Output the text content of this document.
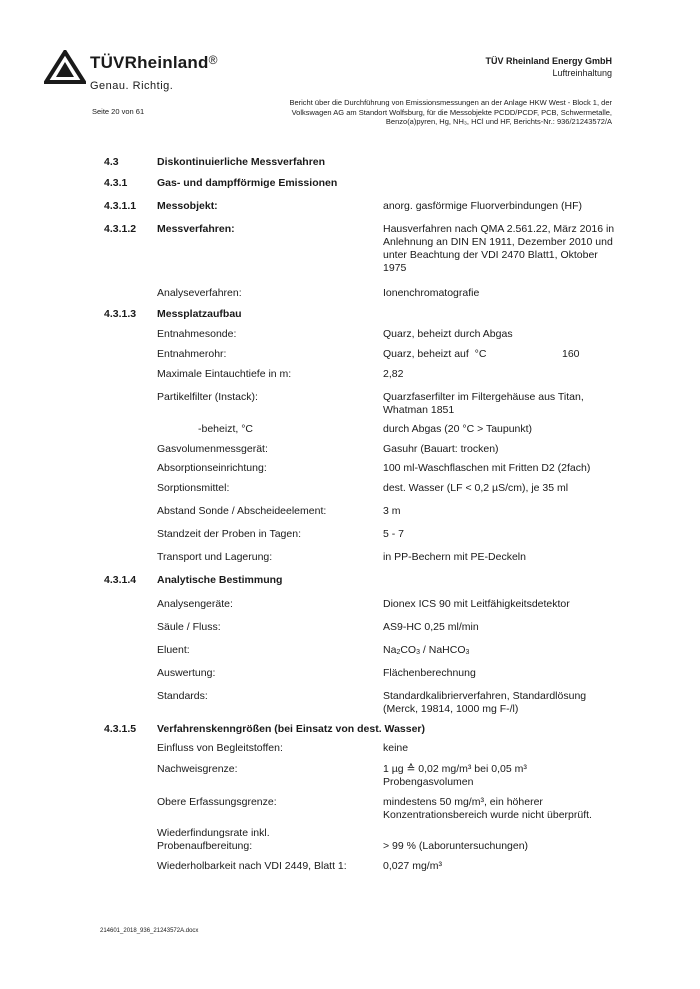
TÜVRheinland®
Genau. Richtig.
TÜV Rheinland Energy GmbH
Luftreinhaltung
Seite 20 von 61
Bericht über die Durchführung von Emissionsmessungen an der Anlage HKW West - Block 1, der Volkswagen AG am Standort Wolfsburg, für die Messobjekte PCDD/PCDF, PCB, Schwermetalle, Benzo(a)pyren, Hg, NH₃, HCl und HF, Berichts-Nr.: 936/21243572/A
4.3	Diskontinuierliche Messverfahren
4.3.1	Gas- und dampfförmige Emissionen
4.3.1.1 Messobjekt:	anorg. gasförmige Fluorverbindungen (HF)
4.3.1.2 Messverfahren:	Hausverfahren nach QMA 2.561.22, März 2016 in Anlehnung an DIN EN 1911, Dezember 2010 und unter Beachtung der VDI 2470 Blatt1, Oktober 1975
Analyseverfahren:	Ionenchromatografie
4.3.1.3 Messplatzaufbau
Entnahmesonde:	Quarz, beheizt durch Abgas
Entnahmerohr:	Quarz, beheizt auf  °C	160
Maximale Eintauchtiefe in m:	2,82
Partikelfilter (Instack):	Quarzfaserfilter im Filtergehäuse aus Titan, Whatman 1851
-beheizt, °C	durch Abgas (20 °C > Taupunkt)
Gasvolumenmessgerät:	Gasuhr (Bauart: trocken)
Absorptionseinrichtung:	100 ml-Waschflaschen mit Fritten D2 (2fach)
Sorptionsmittel:	dest. Wasser (LF < 0,2 µS/cm), je 35 ml
Abstand Sonde / Abscheideelement:	3 m
Standzeit der Proben in Tagen:	5 - 7
Transport und Lagerung:	in PP-Bechern mit PE-Deckeln
4.3.1.4 Analytische Bestimmung
Analysengeräte:	Dionex ICS 90 mit Leitfähigkeitsdetektor
Säule / Fluss:	AS9-HC 0,25 ml/min
Eluent:	$Na_2CO_3$ / NaHCO$_3$
Auswertung:	Flächenberechnung
Standards:	Standardkalibrierverfahren, Standardlösung (Merck, 19814, 1000 mg F-/l)
4.3.1.5 Verfahrenskenngrößen (bei Einsatz von dest. Wasser)
Einfluss von Begleitstoffen:	keine
Nachweisgrenze:	1 µg ≙ 0,02 mg/m³ bei 0,05 m³ Probengasvolumen
Obere Erfassungsgrenze:	mindestens 50 mg/m³, ein höherer Konzentrationsbereich wurde nicht überprüft.
Wiederfindungsrate inkl. Probenaufbereitung:	> 99 % (Laboruntersuchungen)
Wiederholbarkeit nach VDI 2449, Blatt 1:	0,027 mg/m³
214601_2018_936_21243572A.docx
